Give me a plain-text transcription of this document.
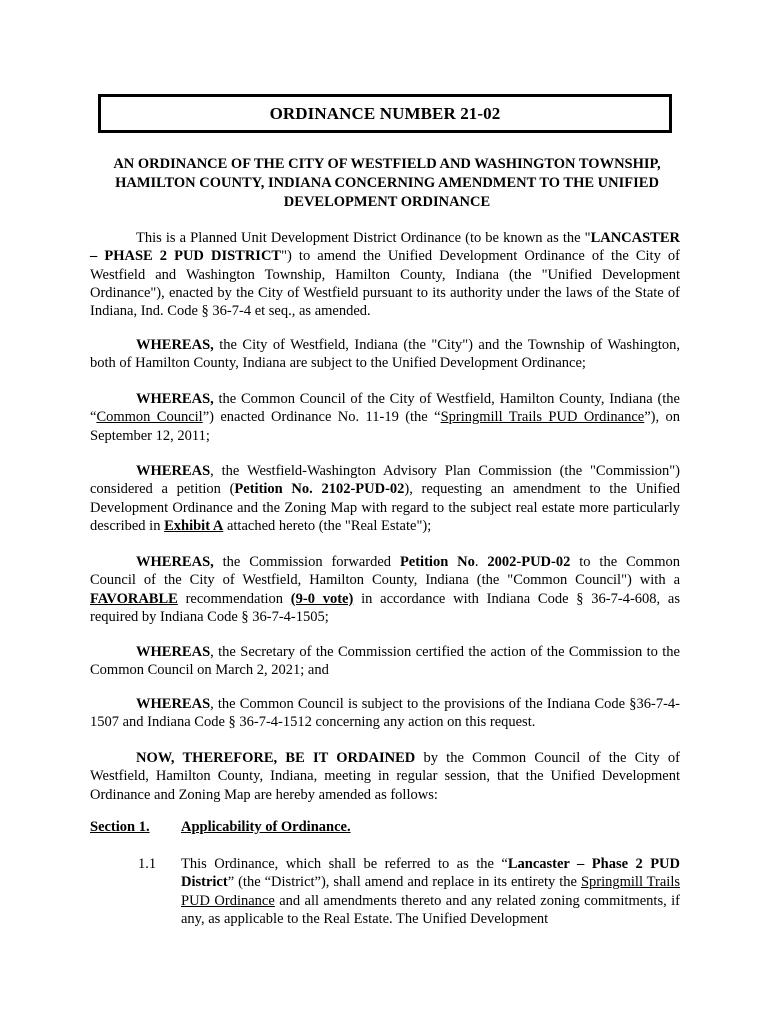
ORDINANCE NUMBER 21-02
AN ORDINANCE OF THE CITY OF WESTFIELD AND WASHINGTON TOWNSHIP, HAMILTON COUNTY, INDIANA CONCERNING AMENDMENT TO THE UNIFIED DEVELOPMENT ORDINANCE
This is a Planned Unit Development District Ordinance (to be known as the "LANCASTER – PHASE 2 PUD DISTRICT") to amend the Unified Development Ordinance of the City of Westfield and Washington Township, Hamilton County, Indiana (the "Unified Development Ordinance"), enacted by the City of Westfield pursuant to its authority under the laws of the State of Indiana, Ind. Code § 36-7-4 et seq., as amended.
WHEREAS, the City of Westfield, Indiana (the "City") and the Township of Washington, both of Hamilton County, Indiana are subject to the Unified Development Ordinance;
WHEREAS, the Common Council of the City of Westfield, Hamilton County, Indiana (the “Common Council”) enacted Ordinance No. 11-19 (the “Springmill Trails PUD Ordinance”), on September 12, 2011;
WHEREAS, the Westfield-Washington Advisory Plan Commission (the "Commission") considered a petition (Petition No. 2102-PUD-02), requesting an amendment to the Unified Development Ordinance and the Zoning Map with regard to the subject real estate more particularly described in Exhibit A attached hereto (the "Real Estate");
WHEREAS, the Commission forwarded Petition No. 2002-PUD-02 to the Common Council of the City of Westfield, Hamilton County, Indiana (the "Common Council") with a FAVORABLE recommendation (9-0 vote) in accordance with Indiana Code § 36-7-4-608, as required by Indiana Code § 36-7-4-1505;
WHEREAS, the Secretary of the Commission certified the action of the Commission to the Common Council on March 2, 2021; and
WHEREAS, the Common Council is subject to the provisions of the Indiana Code §36-7-4-1507 and Indiana Code § 36-7-4-1512 concerning any action on this request.
NOW, THEREFORE, BE IT ORDAINED by the Common Council of the City of Westfield, Hamilton County, Indiana, meeting in regular session, that the Unified Development Ordinance and Zoning Map are hereby amended as follows:
Section 1. Applicability of Ordinance.
1.1 This Ordinance, which shall be referred to as the “Lancaster – Phase 2 PUD District” (the “District”), shall amend and replace in its entirety the Springmill Trails PUD Ordinance and all amendments thereto and any related zoning commitments, if any, as applicable to the Real Estate. The Unified Development
